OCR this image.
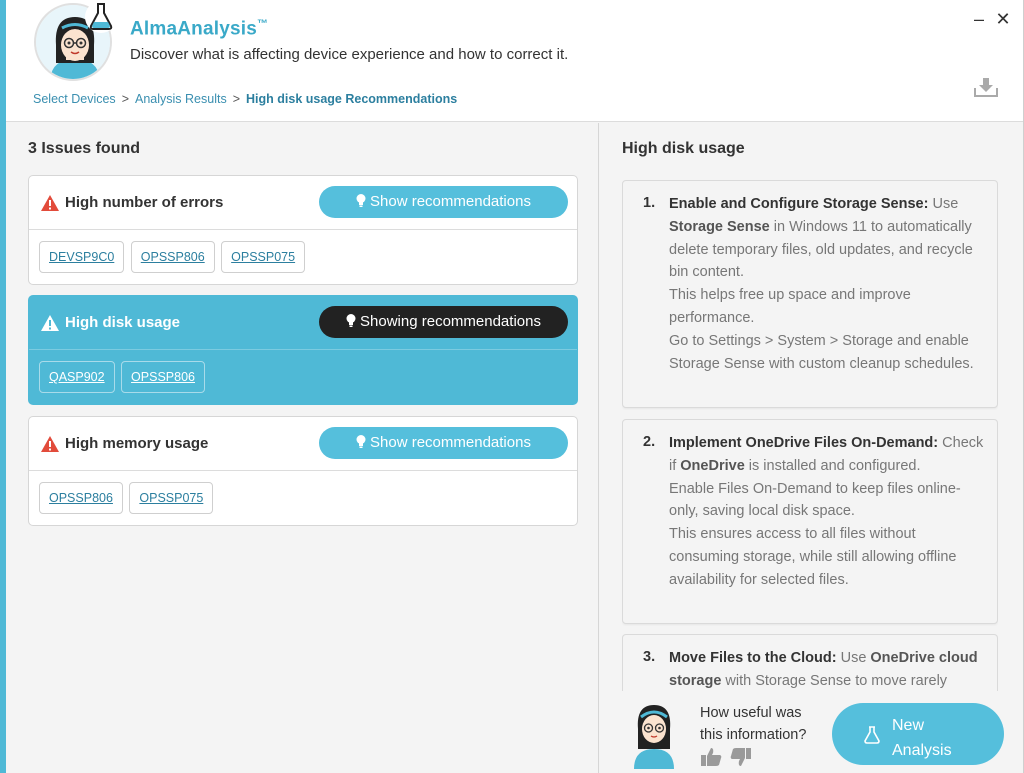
AlmaAnalysis™
Discover what is affecting device experience and how to correct it.
– ✕
Select Devices > Analysis Results > High disk usage Recommendations
3 Issues found
High number of errors	Show recommendations
DEVSP9C0 OPSSP806 OPSSP075
High disk usage	Showing recommendations
QASP902 OPSSP806
High memory usage	Show recommendations
OPSSP806 OPSSP075
High disk usage
1. Enable and Configure Storage Sense: Use Storage Sense in Windows 11 to automatically delete temporary files, old updates, and recycle bin content.
This helps free up space and improve performance.
Go to Settings > System > Storage and enable Storage Sense with custom cleanup schedules.
2. Implement OneDrive Files On-Demand: Check if OneDrive is installed and configured.
Enable Files On-Demand to keep files online-only, saving local disk space.
This ensures access to all files without consuming storage, while still allowing offline availability for selected files.
3. Move Files to the Cloud: Use OneDrive cloud storage with Storage Sense to move rarely
How useful was this information?

New Analysis
